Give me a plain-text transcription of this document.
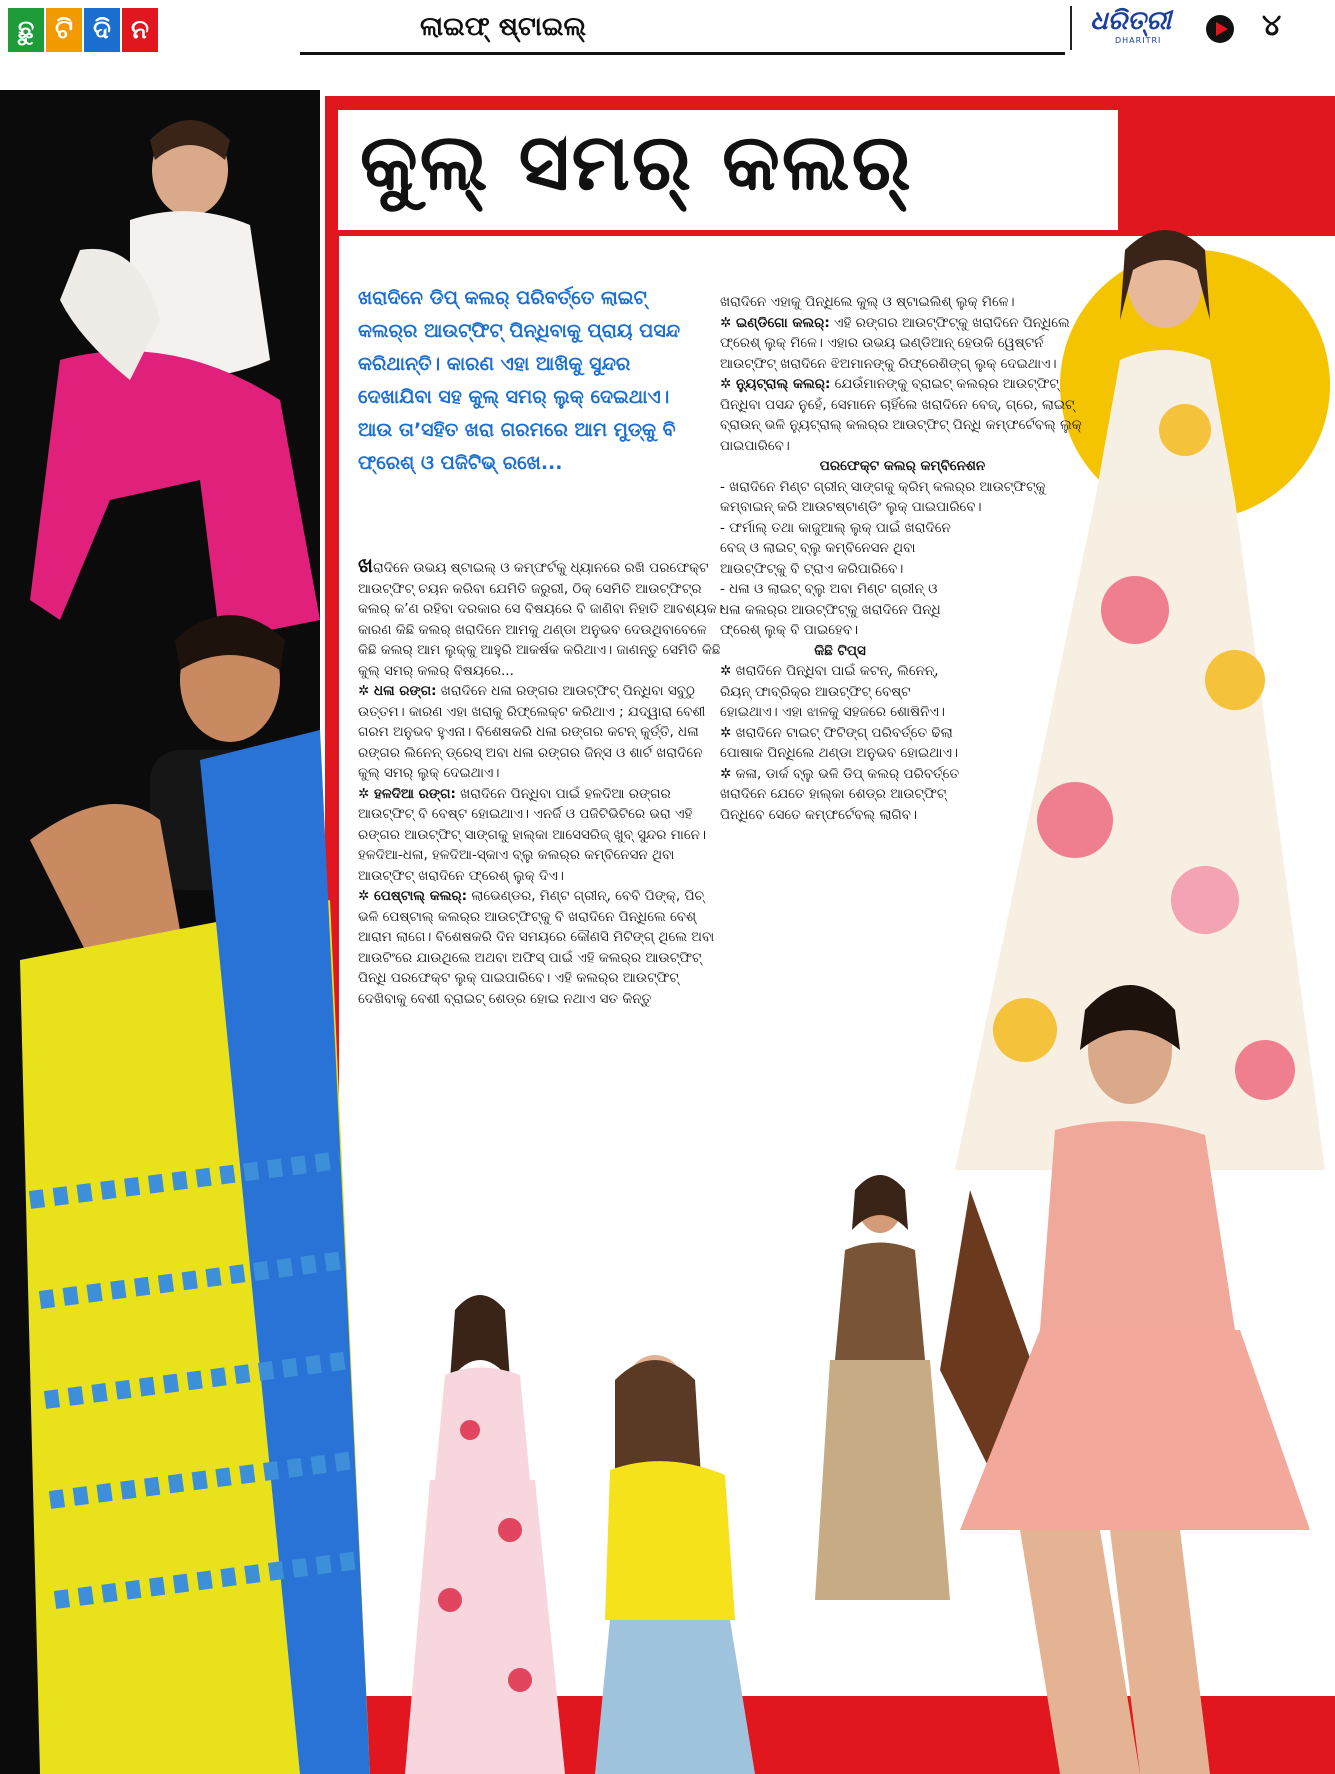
ଛୁ ଟି ଦି ନ	ଲାଇଫ୍ ଷ୍ଟାଇଲ୍	ଧରିତ୍ରୀ
DHARITRI	୪
କୁଲ୍ ସମର୍ କଲର୍
ଖରାଦିନେ ଡିପ୍ କଲର୍ ପରିବର୍ତ୍ତେ ଲାଇଟ୍ କଲର୍‌ର ଆଉଟ୍‌ଫିଟ୍ ପିନ୍ଧିବାକୁ ପ୍ରାୟ ପସନ୍ଦ କରିଥାନ୍ତି। କାରଣ ଏହା ଆଖିକୁ ସୁନ୍ଦର ଦେଖାଯିବା ସହ କୁଲ୍ ସମର୍ ଲୁକ୍ ଦେଇଥାଏ। ଆଉ ତା’ସହିତ ଖରା ଗରମରେ ଆମ ମୁଡ୍‌କୁ ବି ଫ୍ରେଶ୍ ଓ ପଜିଟିଭ୍ ରଖେ...

ଖରାଦିନେ ଉଭୟ ଷ୍ଟାଇଲ୍ ଓ କମ୍ଫର୍ଟକୁ ଧ୍ୟାନରେ ରଖି ପରଫେକ୍ଟ ଆଉଟ୍‌ଫିଟ୍ ଚୟନ କରିବା ଯେମିତି ଜରୁରୀ, ଠିକ୍ ସେମିତି ଆଉଟ୍‌ଫିଟ୍‌ର କଲର୍ କ’ଣ ରହିବା ଦରକାର ସେ ବିଷୟରେ ବି ଜାଣିବା ନିହାତି ଆବଶ୍ୟକ। କାରଣ କିଛି କଲର୍ ଖରାଦିନେ ଆମକୁ ଥଣ୍ଡା ଅନୁଭବ ଦେଉଥିବାବେଳେ କିଛି କଲର୍ ଆମ ଲୁକ୍‌କୁ ଆହୁରି ଆକର୍ଷକ କରିଥାଏ। ଜାଣନ୍ତୁ ସେମିତି କିଛି କୁଲ୍ ସମର୍ କଲର୍ ବିଷୟରେ...

✲ ଧଳା ରଙ୍ଗ: ଖରାଦିନେ ଧଳା ରଙ୍ଗର ଆଉଟ୍‌ଫିଟ୍ ପିନ୍ଧିବା ସବୁଠୁ ଉତ୍ତମ। କାରଣ ଏହା ଖରାକୁ ରିଫ୍ଲେକ୍ଟ କରିଥାଏ ; ଯଦ୍ୱାରା ବେଶୀ ଗରମ ଅନୁଭବ ହୁଏନା। ବିଶେଷକରି ଧଳା ରଙ୍ଗର କଟନ୍ କୁର୍ତ୍ତି, ଧଳା ରଙ୍ଗର ଲିନେନ୍ ଡ୍ରେସ୍ ଅବା ଧଳା ରଙ୍ଗର ଜିନ୍ସ ଓ ଶାର୍ଟ ଖରାଦିନେ କୁଲ୍ ସମର୍ ଲୁକ୍ ଦେଇଥାଏ।

✲ ହଳଦିଆ ରଙ୍ଗ: ଖରାଦିନେ ପିନ୍ଧିବା ପାଇଁ ହଳଦିଆ ରଙ୍ଗର ଆଉଟ୍‌ଫିଟ୍ ବି ବେଷ୍ଟ ହୋଇଥାଏ। ଏନର୍ଜି ଓ ପଜିଟିଭିଟିରେ ଭରା ଏହି ରଙ୍ଗର ଆଉଟ୍‌ଫିଟ୍ ସାଙ୍ଗକୁ ହାଲ୍କା ଆସେସରିଜ୍ ଖୁବ୍ ସୁନ୍ଦର ମାନେ। ହଳଦିଆ-ଧଳା, ହଳଦିଆ-ସ୍କାଏ ବ୍ଲୁ କଲର୍‌ର କମ୍ବିନେସନ ଥିବା ଆଉଟ୍‌ଫିଟ୍ ଖରାଦିନେ ଫ୍ରେଶ୍ ଲୁକ୍ ଦିଏ।

✲ ପେଷ୍ଟାଲ୍ କଲର୍: ଲାଭେଣ୍ଡର, ମିଣ୍ଟ ଗ୍ରୀନ୍, ବେବି ପିଙ୍କ୍, ପିଚ୍ ଭଳି ପେଷ୍ଟାଲ୍ କଲର୍‌ର ଆଉଟ୍‌ଫିଟ୍‌କୁ ବି ଖରାଦିନେ ପିନ୍ଧିଲେ ବେଶ୍ ଆରାମ ଲାଗେ। ବିଶେଷକରି ଦିନ ସମୟରେ କୌଣସି ମିଟିଙ୍ଗ୍ ଥିଲେ ଅବା ଆଉଟିଂରେ ଯାଉଥିଲେ ଅଥବା ଅଫିସ୍ ପାଇଁ ଏହି କଲର୍‌ର ଆଉଟ୍‌ଫିଟ୍ ପିନ୍ଧି ପରଫେକ୍ଟ ଲୁକ୍ ପାଇପାରିବେ। ଏହି କଲର୍‌ର ଆଉଟ୍‌ଫିଟ୍ ଦେଖିବାକୁ ବେଶୀ ବ୍ରାଇଟ୍ ଶେଡ୍‌ର ହୋଇ ନଥାଏ ସତ କିନ୍ତୁ

ଖରାଦିନେ ଏହାକୁ ପିନ୍ଧିଲେ କୁଲ୍ ଓ ଷ୍ଟାଇଲିଶ୍ ଲୁକ୍ ମିଳେ।

✲ ଇଣ୍ଡିଗୋ କଲର୍: ଏହି ରଙ୍ଗର ଆଉଟ୍‌ଫିଟ୍‌କୁ ଖରାଦିନେ ପିନ୍ଧିଲେ ଫ୍ରେଶ୍ ଲୁକ୍ ମିଳେ। ଏହାର ଉଭୟ ଇଣ୍ଡିଆନ୍ ହେଉକି ୱେଷ୍ଟର୍ନ ଆଉଟ୍‌ଫିଟ୍ ଖରାଦିନେ ଝିଅମାନଙ୍କୁ ରିଫ୍ରେଶିଙ୍ଗ୍ ଲୁକ୍ ଦେଇଥାଏ।

✲ ନ୍ୟୁଟ୍ରାଲ୍ କଲର୍: ଯେଉଁମାନଙ୍କୁ ବ୍ରାଇଟ୍ କଲର୍‌ର ଆଉଟ୍‌ଫିଟ୍ ପିନ୍ଧିବା ପସନ୍ଦ ନୁହେଁ, ସେମାନେ ଚାହିଁଲେ ଖରାଦିନେ ବେଜ୍, ଗ୍ରେ, ଲାଇଟ୍ ବ୍ରାଉନ୍ ଭଳି ନ୍ୟୁଟ୍ରାଲ୍ କଲର୍‌ର ଆଉଟ୍‌ଫିଟ୍ ପିନ୍ଧି କମ୍ଫର୍ଟେବଲ୍ ଲୁକ୍ ପାଇପାରିବେ।

ପରଫେକ୍ଟ କଲର୍ କମ୍ବିନେଶନ

- ଖରାଦିନେ ମିଣ୍ଟ ଗ୍ରୀନ୍ ସାଙ୍ଗକୁ କ୍ରିମ୍ କଲର୍‌ର ଆଉଟ୍‌ଫିଟ୍‌କୁ କମ୍ବାଇନ୍ କରି ଆଉଟଷ୍ଟାଣ୍ଡିଂ ଲୁକ୍ ପାଇପାରିବେ।

- ଫର୍ମାଲ୍ ତଥା କାଜୁଆଲ୍ ଲୁକ୍ ପାଇଁ ଖରାଦିନେ ବେଜ୍ ଓ ଲାଇଟ୍ ବ୍ଲୁ କମ୍ବିନେସନ ଥିବା ଆଉଟ୍‌ଫିଟ୍‌କୁ ବି ଟ୍ରାଏ କରିପାରିବେ।

- ଧଳା ଓ ଲାଇଟ୍ ବ୍ଲୁ ଅବା ମିଣ୍ଟ ଗ୍ରୀନ୍ ଓ ଧଳା କଲର୍‌ର ଆଉଟ୍‌ଫିଟ୍‌କୁ ଖରାଦିନେ ପିନ୍ଧି ଫ୍ରେଶ୍ ଲୁକ୍ ବି ପାଇହେବ।

କିଛି ଟିପ୍ସ

✲ ଖରାଦିନେ ପିନ୍ଧିବା ପାଇଁ କଟନ୍, ଲିନେନ୍, ରିୟନ୍ ଫାବ୍ରିକ୍‌ର ଆଉଟ୍‌ଫିଟ୍ ବେଷ୍ଟ ହୋଇଥାଏ। ଏହା ଝାଳକୁ ସହଜରେ ଶୋଷିନିଏ।

✲ ଖରାଦିନେ ଟାଇଟ୍ ଫିଟିଙ୍ଗ୍ ପରିବର୍ତ୍ତେ ଢିଲା ପୋଷାକ ପିନ୍ଧିଲେ ଥଣ୍ଡା ଅନୁଭବ ହୋଇଥାଏ।

✲ କଳା, ଡାର୍କ ବ୍ଲୁ ଭଳି ଡିପ୍ କଲର୍ ପରିବର୍ତ୍ତେ ଖରାଦିନେ ଯେତେ ହାଲ୍କା ଶେଡ୍‌ର ଆଉଟ୍‌ଫିଟ୍ ପିନ୍ଧିବେ ସେତେ କମ୍ଫର୍ଟେବଲ୍ ଲାଗିବ।
